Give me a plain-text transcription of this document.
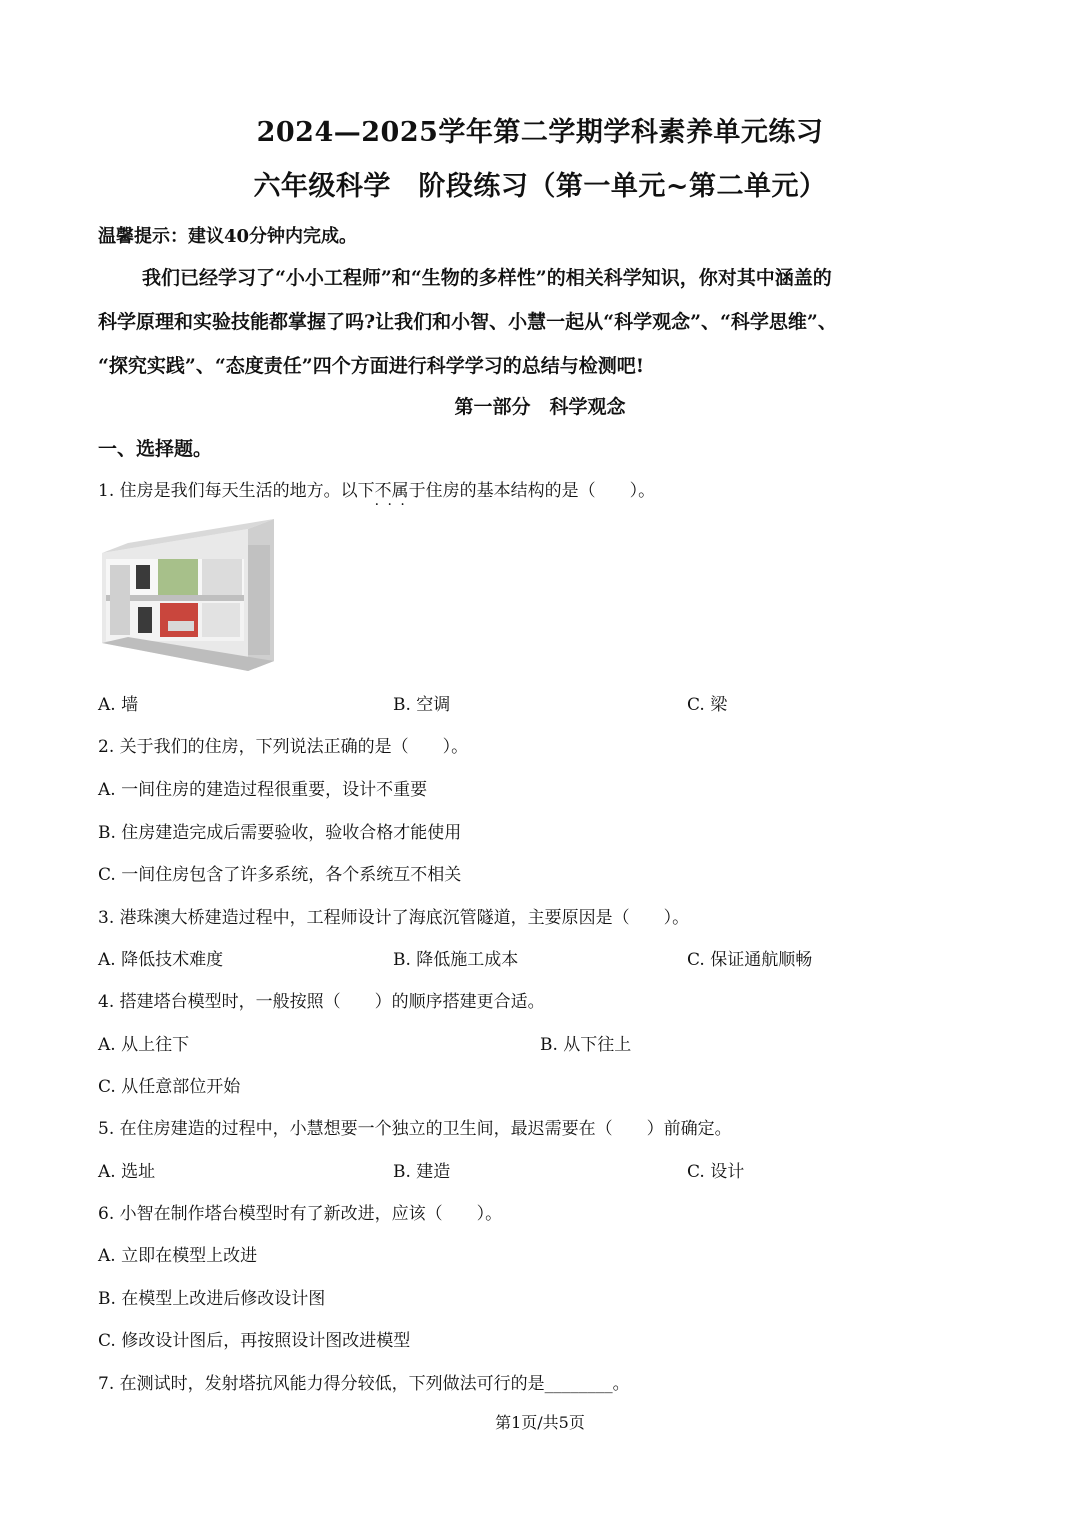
2024—2025学年第二学期学科素养单元练习
六年级科学　阶段练习（第一单元~第二单元）
温馨提示：建议40分钟内完成。

我们已经学习了“小小工程师”和“生物的多样性”的相关科学知识，你对其中涵盖的

科学原理和实验技能都掌握了吗?让我们和小智、小慧一起从“科学观念”、“科学思维”、

“探究实践”、“态度责任”四个方面进行科学学习的总结与检测吧!

第一部分　科学观念
一、选择题。
1. 住房是我们每天生活的地方。以下不属于 · · ·住房的基本结构的是（　　）。
A. 墙	B. 空调	C. 梁
2. 关于我们的住房，下列说法正确的是（　　）。
A. 一间住房的建造过程很重要，设计不重要
B. 住房建造完成后需要验收，验收合格才能使用
C. 一间住房包含了许多系统，各个系统互不相关
3. 港珠澳大桥建造过程中，工程师设计了海底沉管隧道，主要原因是（　　）。
A. 降低技术难度	B. 降低施工成本	C. 保证通航顺畅
4. 搭建塔台模型时，一般按照（　　）的顺序搭建更合适。
A. 从上往下	B. 从下往上
C. 从任意部位开始
5. 在住房建造的过程中，小慧想要一个独立的卫生间，最迟需要在（　　）前确定。
A. 选址	B. 建造	C. 设计
6. 小智在制作塔台模型时有了新改进，应该（　　）。
A. 立即在模型上改进
B. 在模型上改进后修改设计图
C. 修改设计图后，再按照设计图改进模型
7. 在测试时，发射塔抗风能力得分较低，下列做法可行的是________。
第1页/共5页
